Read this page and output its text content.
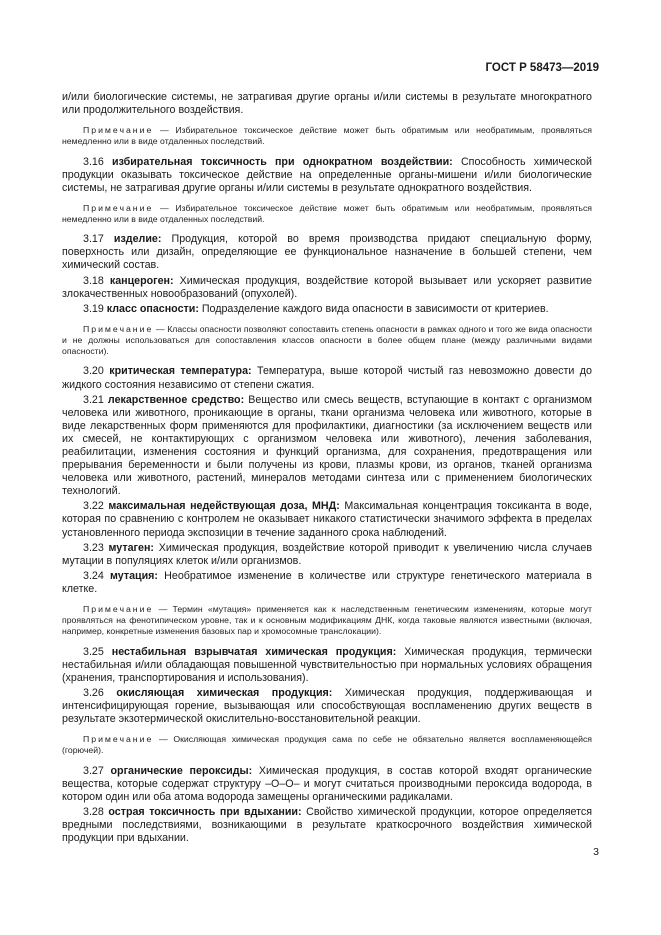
ГОСТ Р 58473—2019

и/или биологические системы, не затрагивая другие органы и/или системы в результате многократного или продолжительного воздействия.

Примечание — Избирательное токсическое действие может быть обратимым или необратимым, проявляться немедленно или в виде отдаленных последствий.

3.16 избирательная токсичность при однократном воздействии: Способность химической продукции оказывать токсическое действие на определенные органы-мишени и/или биологические системы, не затрагивая другие органы и/или системы в результате однократного воздействия.

Примечание — Избирательное токсическое действие может быть обратимым или необратимым, проявляться немедленно или в виде отдаленных последствий.

3.17 изделие: Продукция, которой во время производства придают специальную форму, поверхность или дизайн, определяющие ее функциональное назначение в большей степени, чем химический состав.

3.18 канцероген: Химическая продукция, воздействие которой вызывает или ускоряет развитие злокачественных новообразований (опухолей).

3.19 класс опасности: Подразделение каждого вида опасности в зависимости от критериев.

Примечание — Классы опасности позволяют сопоставить степень опасности в рамках одного и того же вида опасности и не должны использоваться для сопоставления классов опасности в более общем плане (между различными видами опасности).

3.20 критическая температура: Температура, выше которой чистый газ невозможно довести до жидкого состояния независимо от степени сжатия.

3.21 лекарственное средство: Вещество или смесь веществ, вступающие в контакт с организмом человека или животного, проникающие в органы, ткани организма человека или животного, которые в виде лекарственных форм применяются для профилактики, диагностики (за исключением веществ или их смесей, не контактирующих с организмом человека или животного), лечения заболевания, реабилитации, изменения состояния и функций организма, для сохранения, предотвращения или прерывания беременности и были получены из крови, плазмы крови, из органов, тканей организма человека или животного, растений, минералов методами синтеза или с применением биологических технологий.

3.22 максимальная недействующая доза, МНД: Максимальная концентрация токсиканта в воде, которая по сравнению с контролем не оказывает никакого статистически значимого эффекта в пределах установленного периода экспозиции в течение заданного срока наблюдений.

3.23 мутаген: Химическая продукция, воздействие которой приводит к увеличению числа случаев мутации в популяциях клеток и/или организмов.

3.24 мутация: Необратимое изменение в количестве или структуре генетического материала в клетке.

Примечание — Термин «мутация» применяется как к наследственным генетическим изменениям, которые могут проявляться на фенотипическом уровне, так и к основным модификациям ДНК, когда таковые являются известными (включая, например, конкретные изменения базовых пар и хромосомные транслокации).

3.25 нестабильная взрывчатая химическая продукция: Химическая продукция, термически нестабильная и/или обладающая повышенной чувствительностью при нормальных условиях обращения (хранения, транспортирования и использования).

3.26 окисляющая химическая продукция: Химическая продукция, поддерживающая и интенсифицирующая горение, вызывающая или способствующая воспламенению других веществ в результате экзотермической окислительно-восстановительной реакции.

Примечание — Окисляющая химическая продукция сама по себе не обязательно является воспламеняющейся (горючей).

3.27 органические пероксиды: Химическая продукция, в состав которой входят органические вещества, которые содержат структуру –О–О– и могут считаться производными пероксида водорода, в котором один или оба атома водорода замещены органическими радикалами.

3.28 острая токсичность при вдыхании: Свойство химической продукции, которое определяется вредными последствиями, возникающими в результате краткосрочного воздействия химической продукции при вдыхании.

3
